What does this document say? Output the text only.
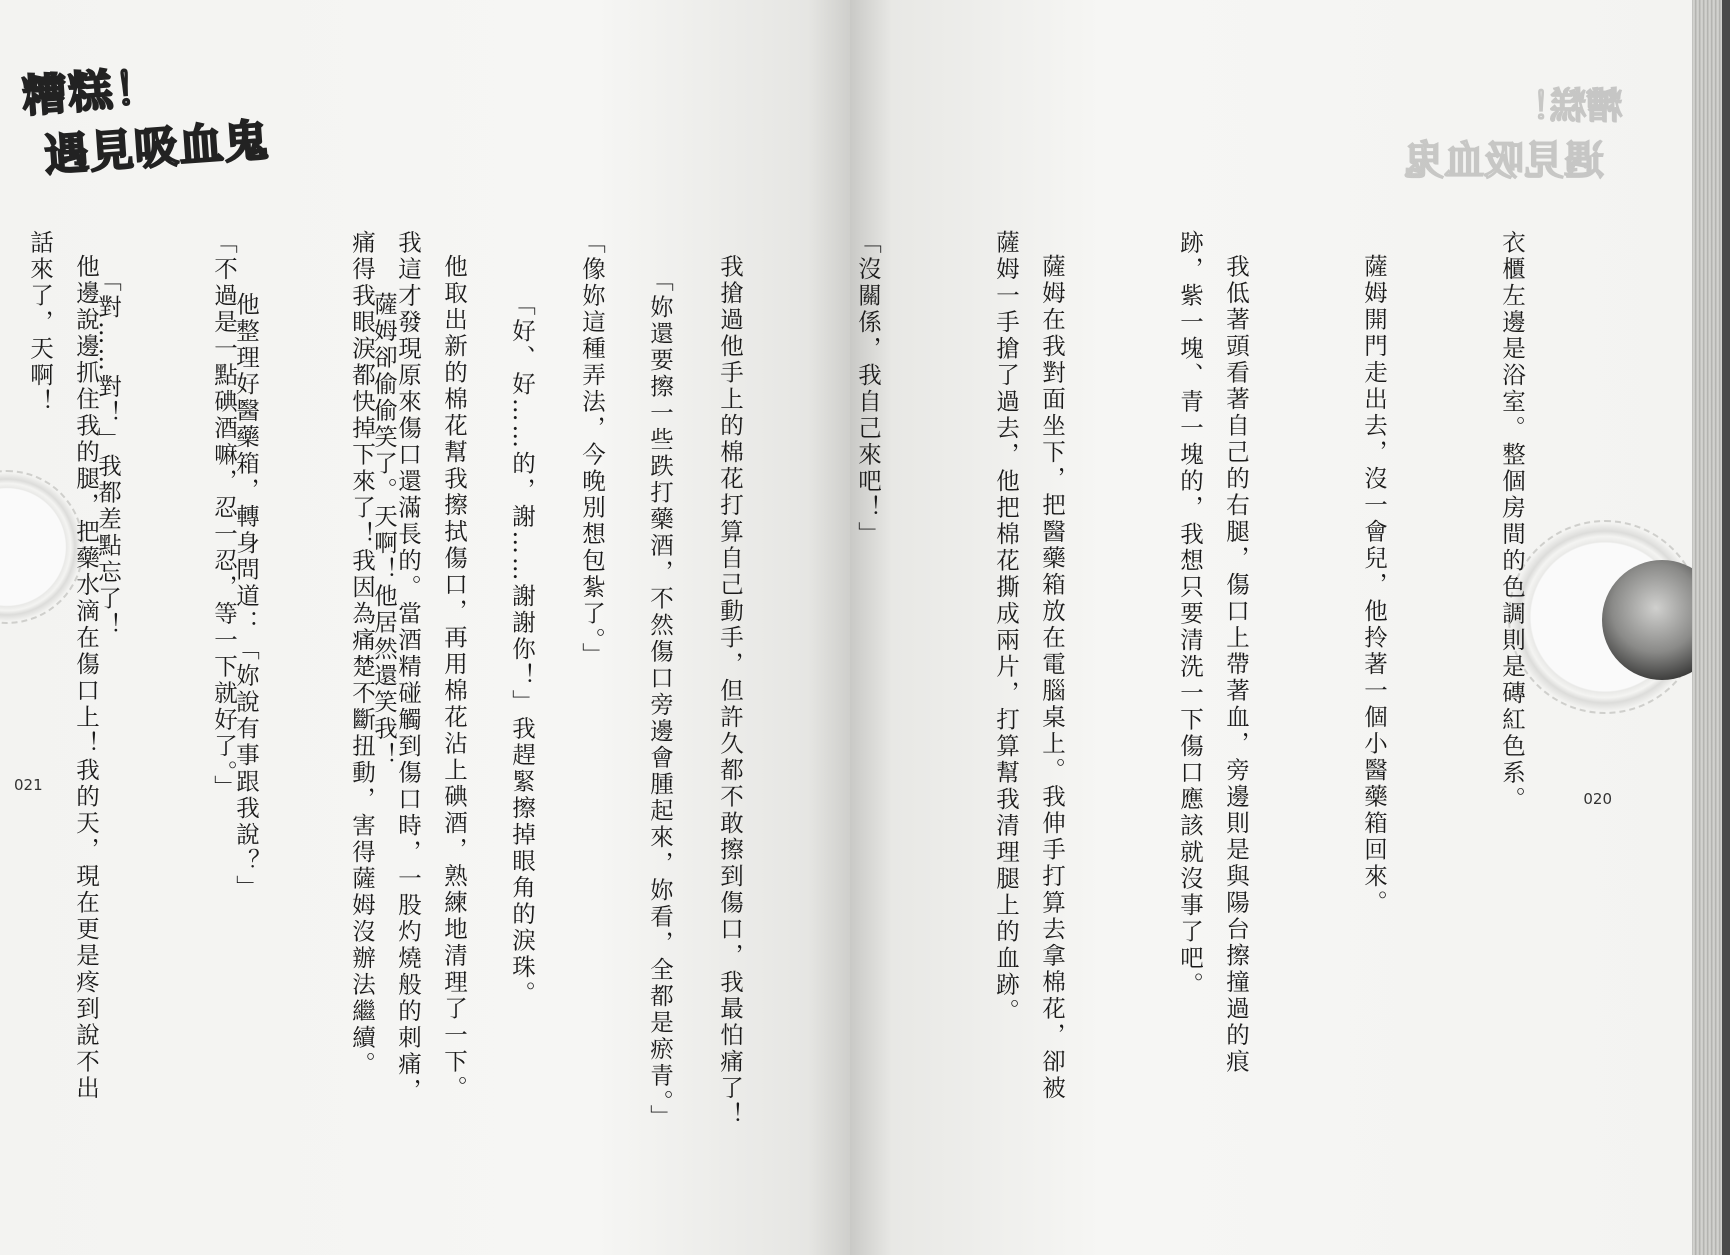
糟糕！
遇見吸血鬼

「妳還要擦一些跌打藥酒，不然傷口旁邊會腫起來，妳看，全都是瘀青。」

「好、好……的，謝……謝謝你！」我趕緊擦掉眼角的淚珠。

薩姆卻偷偷笑了。天啊！他居然還笑我！

他整理好醫藥箱，轉身問道：「妳說有事跟我說？」

「對……對！」我都差點忘了！

021
糟糕！
遇見吸血鬼

衣櫃左邊是浴室。整個房間的色調則是磚紅色系。

薩姆開門走出去，沒一會兒，他拎著一個小醫藥箱回來。

我低著頭看著自己的右腿，傷口上帶著血，旁邊則是與陽台擦撞過的痕跡，紫一塊、青一塊的，我想只要清洗一下傷口應該就沒事了吧。

薩姆在我對面坐下，把醫藥箱放在電腦桌上。我伸手打算去拿棉花，卻被薩姆一手搶了過去，他把棉花撕成兩片，打算幫我清理腿上的血跡。

「沒關係，我自己來吧！」

我搶過他手上的棉花打算自己動手，但許久都不敢擦到傷口，我最怕痛了！

「像妳這種弄法，今晚別想包紮了。」

他取出新的棉花幫我擦拭傷口，再用棉花沾上碘酒，熟練地清理了一下。我這才發現原來傷口還滿長的。當酒精碰觸到傷口時，一股灼燒般的刺痛，痛得我眼淚都快掉下來了！我因為痛楚不斷扭動，害得薩姆沒辦法繼續。

「不過是一點碘酒嘛，忍一忍，等一下就好了。」

他邊說邊抓住我的腿，把藥水滴在傷口上！我的天，現在更是疼到說不出話來了，天啊！

020
